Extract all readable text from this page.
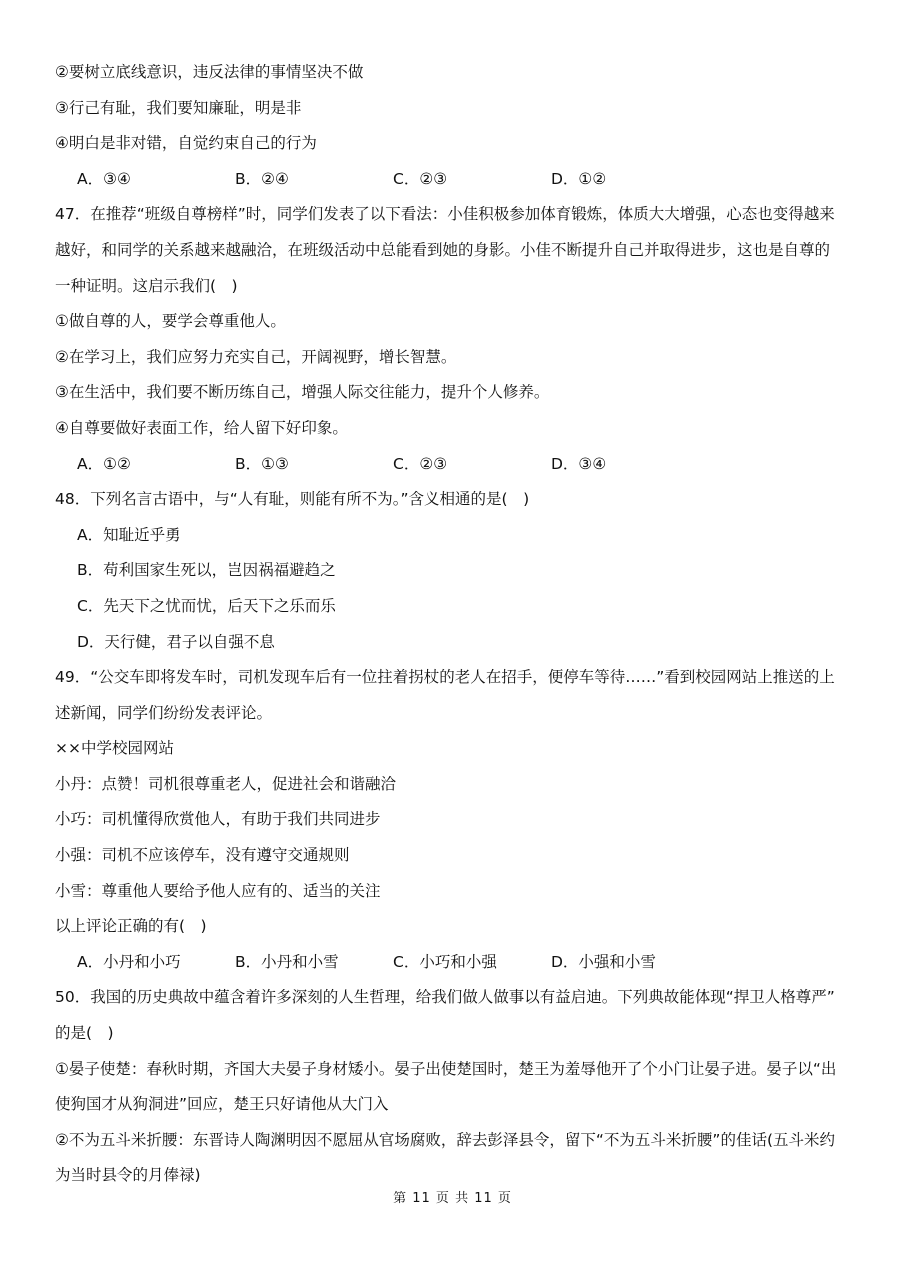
②要树立底线意识，违反法律的事情坚决不做
③行己有耻，我们要知廉耻，明是非
④明白是非对错，自觉约束自己的行为
A．③④	B．②④	C．②③	D．①②
47．在推荐“班级自尊榜样”时，同学们发表了以下看法：小佳积极参加体育锻炼，体质大大增强，心态也变得越来
越好，和同学的关系越来越融洽，在班级活动中总能看到她的身影。小佳不断提升自己并取得进步，这也是自尊的
一种证明。这启示我们(　)
①做自尊的人，要学会尊重他人。
②在学习上，我们应努力充实自己，开阔视野，增长智慧。
③在生活中，我们要不断历练自己，增强人际交往能力，提升个人修养。
④自尊要做好表面工作，给人留下好印象。
A．①②	B．①③	C．②③	D．③④
48．下列名言古语中，与“人有耻，则能有所不为。”含义相通的是(　)
A．知耻近乎勇
B．苟利国家生死以，岂因祸福避趋之
C．先天下之忧而忧，后天下之乐而乐
D．天行健，君子以自强不息
49．“公交车即将发车时，司机发现车后有一位拄着拐杖的老人在招手，便停车等待……”看到校园网站上推送的上
述新闻，同学们纷纷发表评论。
××中学校园网站
小丹：点赞！司机很尊重老人，促进社会和谐融洽
小巧：司机懂得欣赏他人，有助于我们共同进步
小强：司机不应该停车，没有遵守交通规则
小雪：尊重他人要给予他人应有的、适当的关注
以上评论正确的有(　)
A．小丹和小巧	B．小丹和小雪	C．小巧和小强	D．小强和小雪
50．我国的历史典故中蕴含着许多深刻的人生哲理，给我们做人做事以有益启迪。下列典故能体现“捍卫人格尊严”
的是(　)
①晏子使楚：春秋时期，齐国大夫晏子身材矮小。晏子出使楚国时，楚王为羞辱他开了个小门让晏子进。晏子以“出
使狗国才从狗洞进”回应，楚王只好请他从大门入
②不为五斗米折腰：东晋诗人陶渊明因不愿屈从官场腐败，辞去彭泽县令，留下“不为五斗米折腰”的佳话(五斗米约
为当时县令的月俸禄)
第 11 页 共 11 页
